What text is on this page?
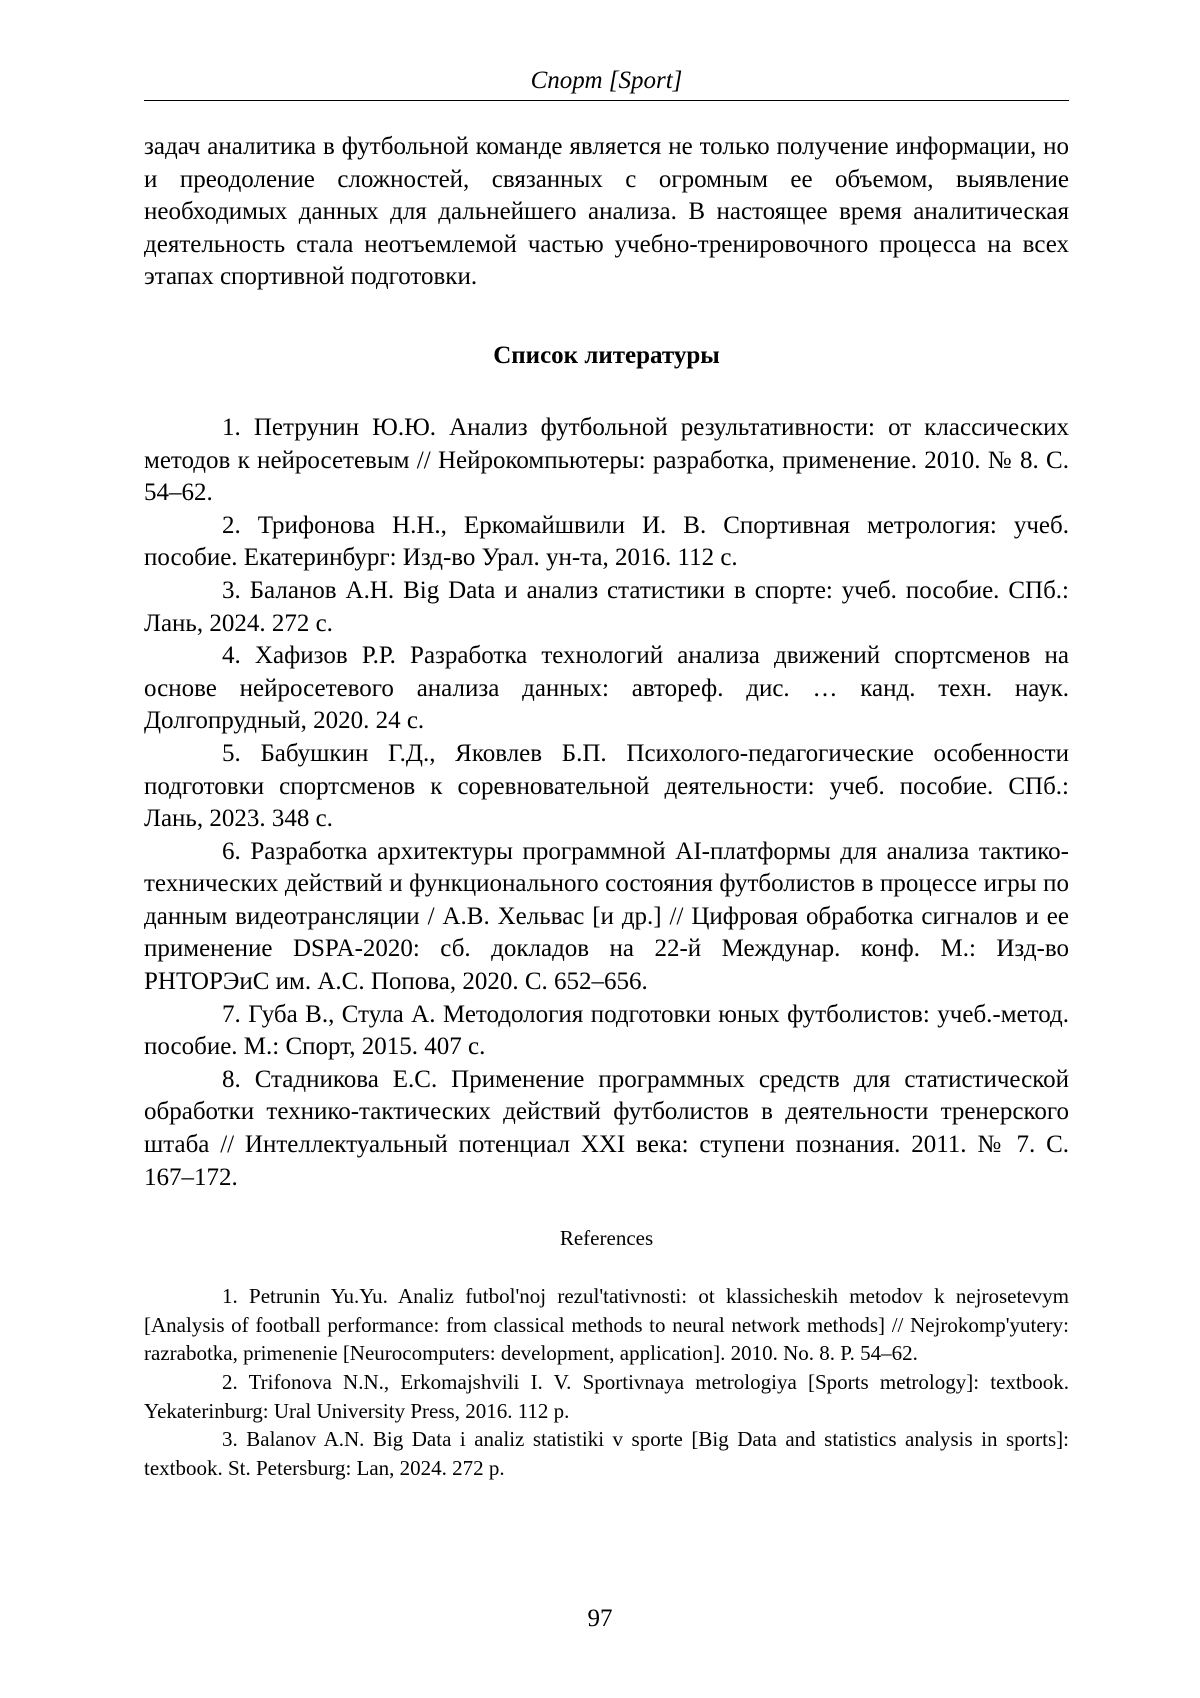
Спорт [Sport]

задач аналитика в футбольной команде является не только получение информации, но и преодоление сложностей, связанных с огромным ее объемом, выявление необходимых данных для дальнейшего анализа. В настоящее время аналитическая деятельность стала неотъемлемой частью учебно-тренировочного процесса на всех этапах спортивной подготовки.

Список литературы

1. Петрунин Ю.Ю. Анализ футбольной результативности: от классических методов к нейросетевым // Нейрокомпьютеры: разработка, применение. 2010. № 8. С. 54–62.

2. Трифонова Н.Н., Еркомайшвили И. В. Спортивная метрология: учеб. пособие. Екатеринбург: Изд-во Урал. ун-та, 2016. 112 с.

3. Баланов А.Н. Big Data и анализ статистики в спорте: учеб. пособие. СПб.: Лань, 2024. 272 с.

4. Хафизов Р.Р. Разработка технологий анализа движений спортсменов на основе нейросетевого анализа данных: автореф. дис. … канд. техн. наук. Долгопрудный, 2020. 24 с.

5. Бабушкин Г.Д., Яковлев Б.П. Психолого-педагогические особенности подготовки спортсменов к соревновательной деятельности: учеб. пособие. СПб.: Лань, 2023. 348 с.

6. Разработка архитектуры программной AI-платформы для анализа тактико-технических действий и функционального состояния футболистов в процессе игры по данным видеотрансляции / А.В. Хельвас [и др.] // Цифровая обработка сигналов и ее применение DSPA-2020: сб. докладов на 22-й Междунар. конф. М.: Изд-во РНТОРЭиС им. А.С. Попова, 2020. С. 652–656.

7. Губа В., Стула А. Методология подготовки юных футболистов: учеб.-метод. пособие. М.: Спорт, 2015. 407 с.

8. Стадникова Е.С. Применение программных средств для статистической обработки технико-тактических действий футболистов в деятельности тренерского штаба // Интеллектуальный потенциал XXI века: ступени познания. 2011. № 7. С. 167–172.

References

1. Petrunin Yu.Yu. Analiz futbol'noj rezul'tativnosti: ot klassicheskih metodov k nejrosetevym [Analysis of football performance: from classical methods to neural network methods] // Nejrokomp'yutery: razrabotka, primenenie [Neurocomputers: development, application]. 2010. No. 8. P. 54–62.

2. Trifonova N.N., Erkomajshvili I. V. Sportivnaya metrologiya [Sports metrology]: textbook. Yekaterinburg: Ural University Press, 2016. 112 p.

3. Balanov A.N. Big Data i analiz statistiki v sporte [Big Data and statistics analysis in sports]: textbook. St. Petersburg: Lan, 2024. 272 p.

97
